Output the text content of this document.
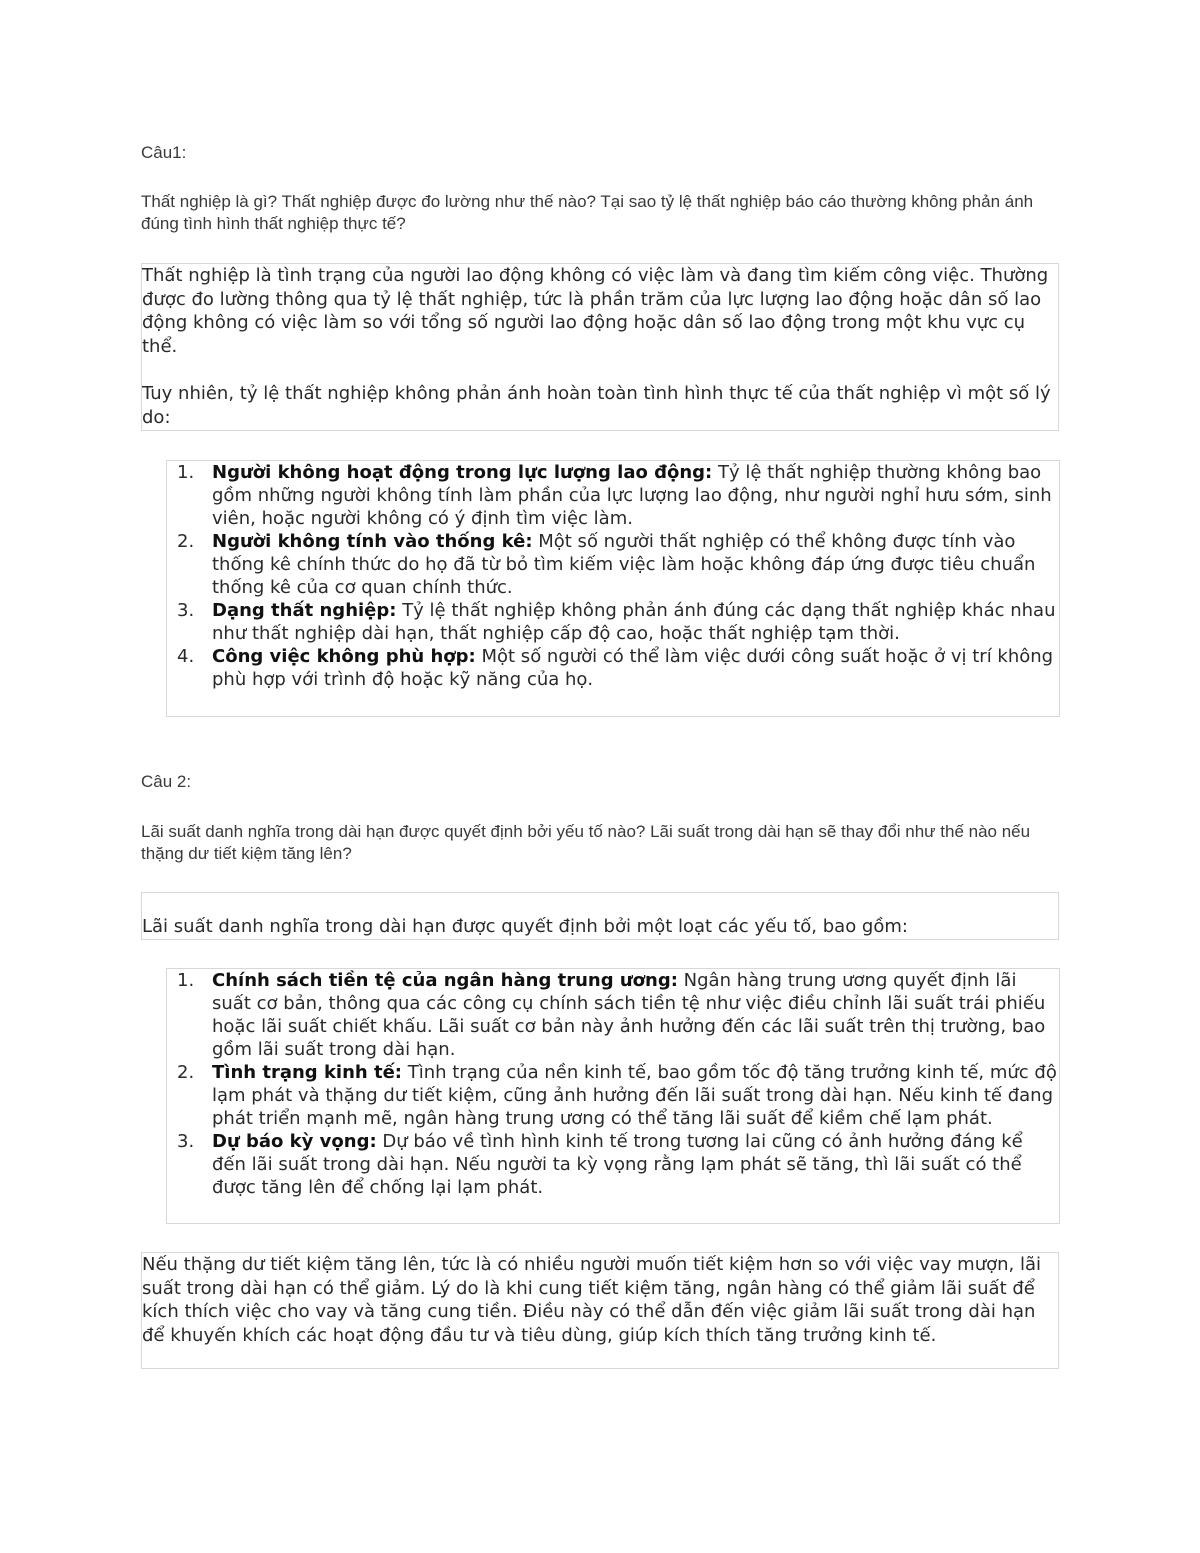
Câu1:
Thất nghiệp là gì? Thất nghiệp được đo lường như thế nào? Tại sao tỷ lệ thất nghiệp báo cáo thường không phản ánh đúng tình hình thất nghiệp thực tế?

Thất nghiệp là tình trạng của người lao động không có việc làm và đang tìm kiếm công việc. Thường được đo lường thông qua tỷ lệ thất nghiệp, tức là phần trăm của lực lượng lao động hoặc dân số lao động không có việc làm so với tổng số người lao động hoặc dân số lao động trong một khu vực cụ thể.

Tuy nhiên, tỷ lệ thất nghiệp không phản ánh hoàn toàn tình hình thực tế của thất nghiệp vì một số lý do:

1. Người không hoạt động trong lực lượng lao động: Tỷ lệ thất nghiệp thường không bao gồm những người không tính làm phần của lực lượng lao động, như người nghỉ hưu sớm, sinh viên, hoặc người không có ý định tìm việc làm.
2. Người không tính vào thống kê: Một số người thất nghiệp có thể không được tính vào thống kê chính thức do họ đã từ bỏ tìm kiếm việc làm hoặc không đáp ứng được tiêu chuẩn thống kê của cơ quan chính thức.
3. Dạng thất nghiệp: Tỷ lệ thất nghiệp không phản ánh đúng các dạng thất nghiệp khác nhau như thất nghiệp dài hạn, thất nghiệp cấp độ cao, hoặc thất nghiệp tạm thời.
4. Công việc không phù hợp: Một số người có thể làm việc dưới công suất hoặc ở vị trí không phù hợp với trình độ hoặc kỹ năng của họ.
Câu 2:
Lãi suất danh nghĩa trong dài hạn được quyết định bởi yếu tố nào? Lãi suất trong dài hạn sẽ thay đổi như thế nào nếu thặng dư tiết kiệm tăng lên?

Lãi suất danh nghĩa trong dài hạn được quyết định bởi một loạt các yếu tố, bao gồm:

1. Chính sách tiền tệ của ngân hàng trung ương: Ngân hàng trung ương quyết định lãi suất cơ bản, thông qua các công cụ chính sách tiền tệ như việc điều chỉnh lãi suất trái phiếu hoặc lãi suất chiết khấu. Lãi suất cơ bản này ảnh hưởng đến các lãi suất trên thị trường, bao gồm lãi suất trong dài hạn.
2. Tình trạng kinh tế: Tình trạng của nền kinh tế, bao gồm tốc độ tăng trưởng kinh tế, mức độ lạm phát và thặng dư tiết kiệm, cũng ảnh hưởng đến lãi suất trong dài hạn. Nếu kinh tế đang phát triển mạnh mẽ, ngân hàng trung ương có thể tăng lãi suất để kiềm chế lạm phát.
3. Dự báo kỳ vọng: Dự báo về tình hình kinh tế trong tương lai cũng có ảnh hưởng đáng kể đến lãi suất trong dài hạn. Nếu người ta kỳ vọng rằng lạm phát sẽ tăng, thì lãi suất có thể được tăng lên để chống lại lạm phát.

Nếu thặng dư tiết kiệm tăng lên, tức là có nhiều người muốn tiết kiệm hơn so với việc vay mượn, lãi suất trong dài hạn có thể giảm. Lý do là khi cung tiết kiệm tăng, ngân hàng có thể giảm lãi suất để kích thích việc cho vay và tăng cung tiền. Điều này có thể dẫn đến việc giảm lãi suất trong dài hạn để khuyến khích các hoạt động đầu tư và tiêu dùng, giúp kích thích tăng trưởng kinh tế.
